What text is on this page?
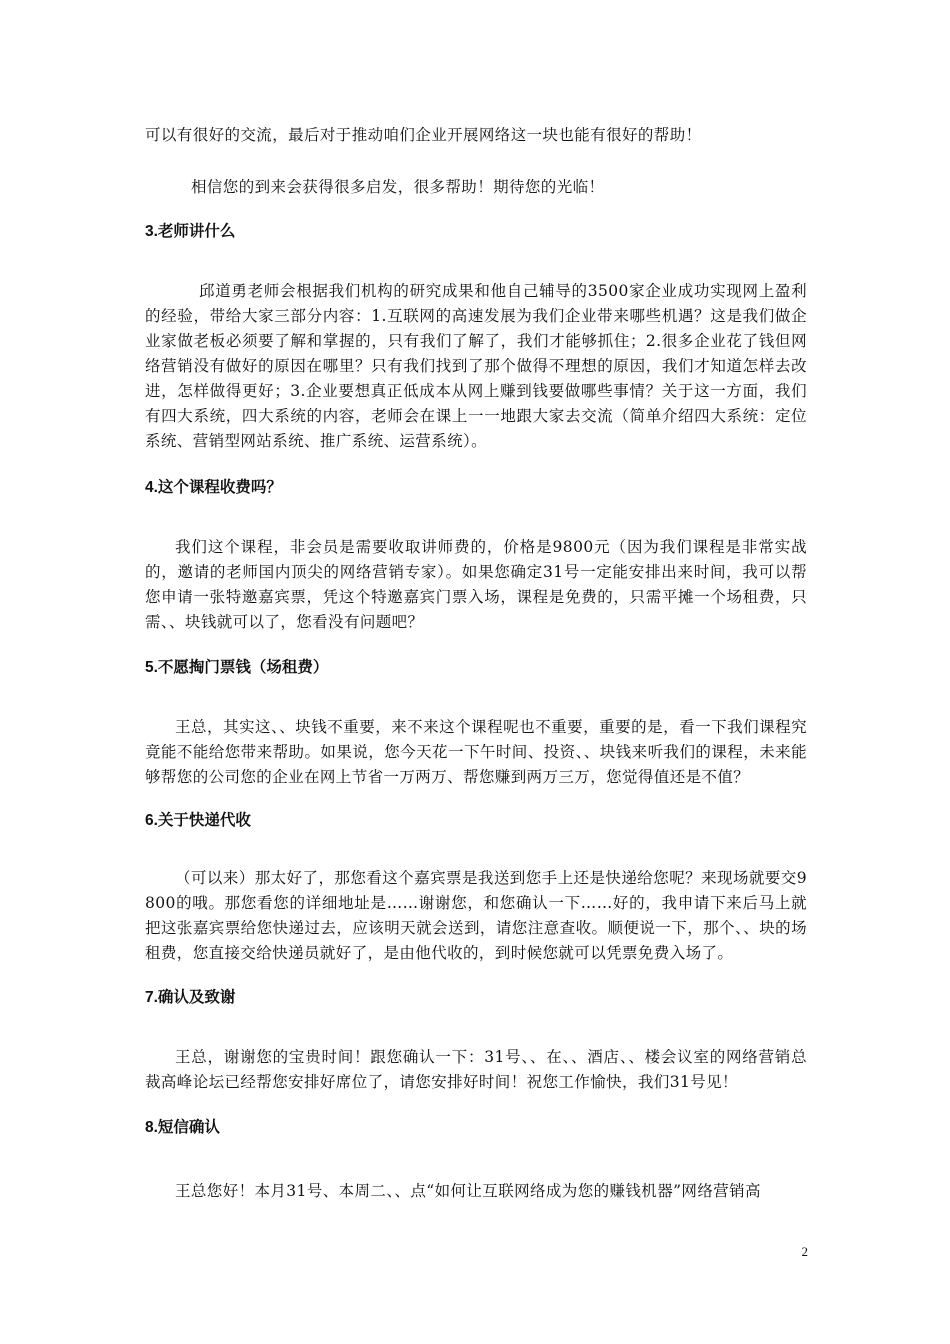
可以有很好的交流，最后对于推动咱们企业开展网络这一块也能有很好的帮助！

相信您的到来会获得很多启发，很多帮助！期待您的光临！

3.老师讲什么

邱道勇老师会根据我们机构的研究成果和他自己辅导的3500家企业成功实现网上盈利的经验，带给大家三部分内容：1.互联网的高速发展为我们企业带来哪些机遇？这是我们做企业家做老板必须要了解和掌握的，只有我们了解了，我们才能够抓住；2.很多企业花了钱但网络营销没有做好的原因在哪里？只有我们找到了那个做得不理想的原因，我们才知道怎样去改进，怎样做得更好；3.企业要想真正低成本从网上赚到钱要做哪些事情？关于这一方面，我们有四大系统，四大系统的内容，老师会在课上一一地跟大家去交流（简单介绍四大系统：定位系统、营销型网站系统、推广系统、运营系统）。

4.这个课程收费吗？

我们这个课程，非会员是需要收取讲师费的，价格是9800元（因为我们课程是非常实战的，邀请的老师国内顶尖的网络营销专家）。如果您确定31号一定能安排出来时间，我可以帮您申请一张特邀嘉宾票，凭这个特邀嘉宾门票入场，课程是免费的，只需平摊一个场租费，只需、、块钱就可以了，您看没有问题吧？

5.不愿掏门票钱（场租费）

王总，其实这、、块钱不重要，来不来这个课程呢也不重要，重要的是，看一下我们课程究竟能不能给您带来帮助。如果说，您今天花一下午时间、投资、、块钱来听我们的课程，未来能够帮您的公司您的企业在网上节省一万两万、帮您赚到两万三万，您觉得值还是不值？

6.关于快递代收

（可以来）那太好了，那您看这个嘉宾票是我送到您手上还是快递给您呢？来现场就要交9800的哦。那您看您的详细地址是……谢谢您，和您确认一下……好的，我申请下来后马上就把这张嘉宾票给您快递过去，应该明天就会送到，请您注意查收。顺便说一下，那个、、块的场租费，您直接交给快递员就好了，是由他代收的，到时候您就可以凭票免费入场了。

7.确认及致谢

王总，谢谢您的宝贵时间！跟您确认一下：31号、、在、、酒店、、楼会议室的网络营销总裁高峰论坛已经帮您安排好席位了，请您安排好时间！祝您工作愉快，我们31号见！

8.短信确认

王总您好！本月31号、本周二、、点“如何让互联网络成为您的赚钱机器”网络营销高

2
